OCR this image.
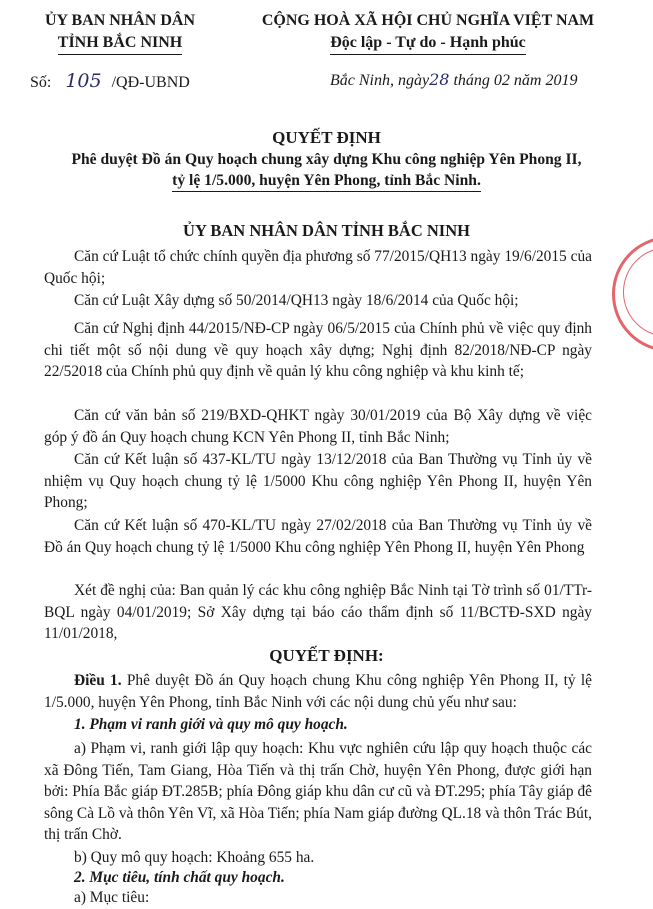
ỦY BAN NHÂN DÂN
TỈNH BẮC NINH
CỘNG HOÀ XÃ HỘI CHỦ NGHĨA VIỆT NAM
Độc lập - Tự do - Hạnh phúc
Số: 105 /QĐ-UBND	Bắc Ninh, ngày28 tháng 02 năm 2019
QUYẾT ĐỊNH
Phê duyệt Đồ án Quy hoạch chung xây dựng Khu công nghiệp Yên Phong II,
tỷ lệ 1/5.000, huyện Yên Phong, tỉnh Bắc Ninh.
ỦY BAN NHÂN DÂN TỈNH BẮC NINH
Căn cứ Luật tổ chức chính quyền địa phương số 77/2015/QH13 ngày 19/6/2015 của Quốc hội;
Căn cứ Luật Xây dựng số 50/2014/QH13 ngày 18/6/2014 của Quốc hội;
Căn cứ Nghị định 44/2015/NĐ-CP ngày 06/5/2015 của Chính phủ về việc quy định chi tiết một số nội dung về quy hoạch xây dựng; Nghị định 82/2018/NĐ-CP ngày 22/52018 của Chính phủ quy định về quản lý khu công nghiệp và khu kinh tế;
Căn cứ văn bản số 219/BXD-QHKT ngày 30/01/2019 của Bộ Xây dựng về việc góp ý đồ án Quy hoạch chung KCN Yên Phong II, tỉnh Bắc Ninh;
Căn cứ Kết luận số 437-KL/TU ngày 13/12/2018 của Ban Thường vụ Tỉnh ủy về nhiệm vụ Quy hoạch chung tỷ lệ 1/5000 Khu công nghiệp Yên Phong II, huyện Yên Phong;
Căn cứ Kết luận số 470-KL/TU ngày 27/02/2018 của Ban Thường vụ Tỉnh ủy về Đồ án Quy hoạch chung tỷ lệ 1/5000 Khu công nghiệp Yên Phong II, huyện Yên Phong
Xét đề nghị của: Ban quản lý các khu công nghiệp Bắc Ninh tại Tờ trình số 01/TTr-BQL ngày 04/01/2019; Sở Xây dựng tại báo cáo thẩm định số 11/BCTĐ-SXD ngày 11/01/2018,
QUYẾT ĐỊNH:
Điều 1. Phê duyệt Đồ án Quy hoạch chung Khu công nghiệp Yên Phong II, tỷ lệ 1/5.000, huyện Yên Phong, tỉnh Bắc Ninh với các nội dung chủ yếu như sau:
1. Phạm vi ranh giới và quy mô quy hoạch.
a) Phạm vi, ranh giới lập quy hoạch: Khu vực nghiên cứu lập quy hoạch thuộc các xã Đông Tiến, Tam Giang, Hòa Tiến và thị trấn Chờ, huyện Yên Phong, được giới hạn bởi: Phía Bắc giáp ĐT.285B; phía Đông giáp khu dân cư cũ và ĐT.295; phía Tây giáp đê sông Cà Lồ và thôn Yên Vĩ, xã Hòa Tiến; phía Nam giáp đường QL.18 và thôn Trác Bút, thị trấn Chờ.
b) Quy mô quy hoạch: Khoảng 655 ha.
2. Mục tiêu, tính chất quy hoạch.
a) Mục tiêu:
